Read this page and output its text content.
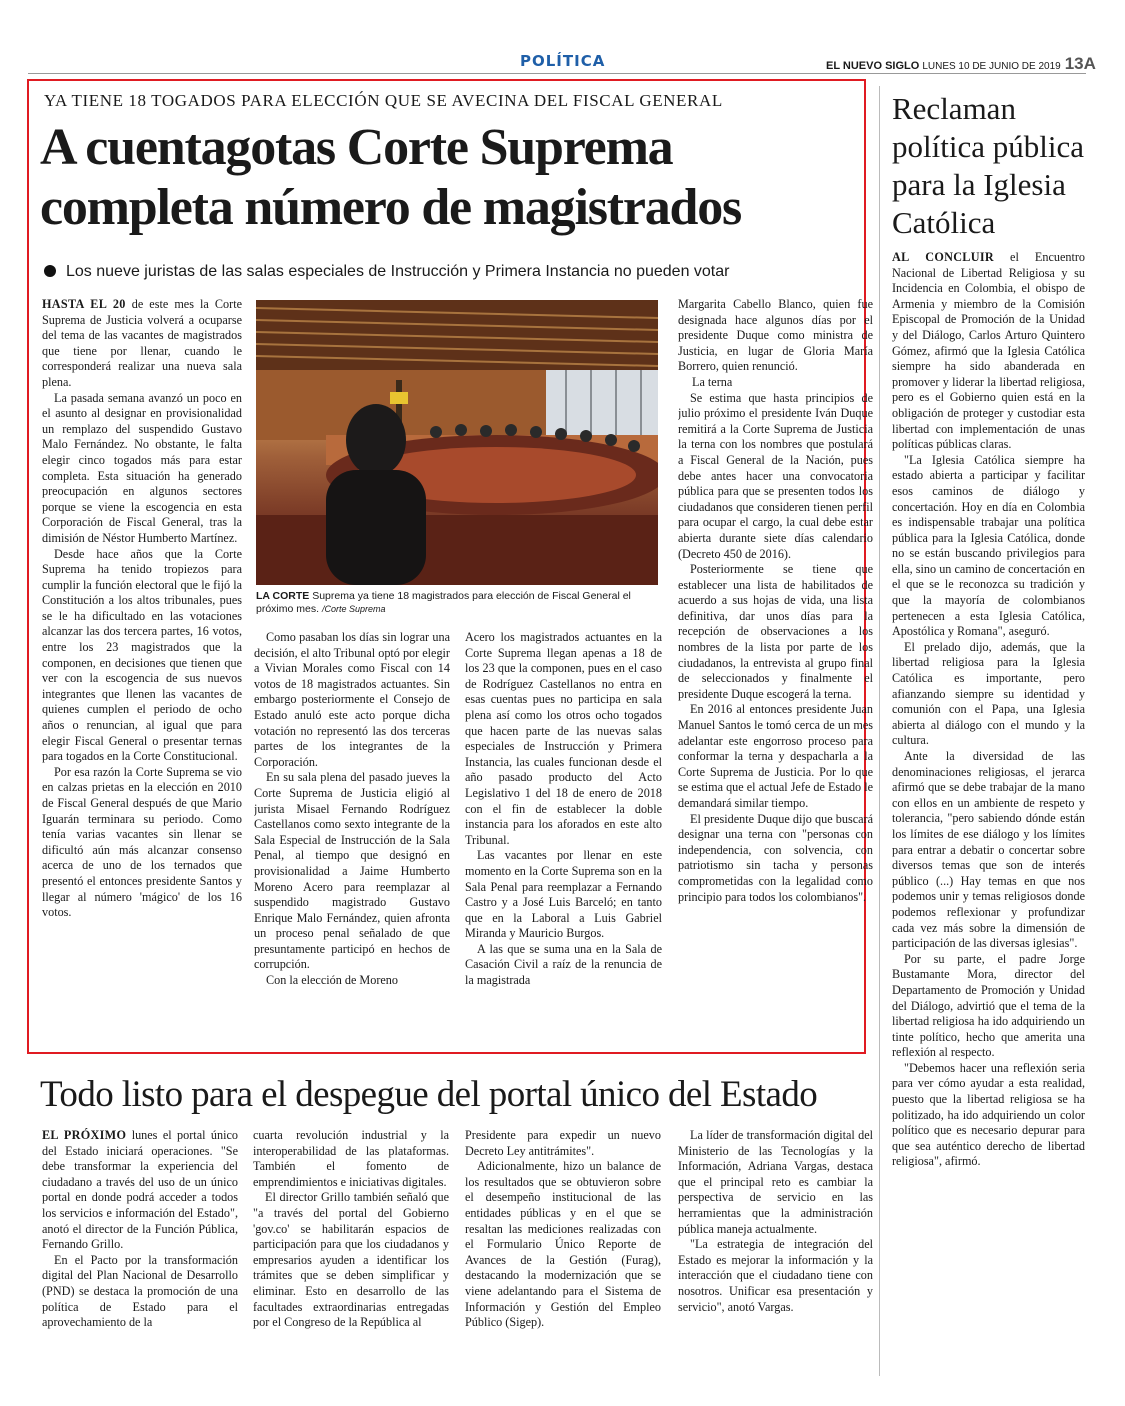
POLÍTICA	EL NUEVO SIGLO LUNES 10 DE JUNIO DE 2019 13A
YA TIENE 18 TOGADOS PARA ELECCIÓN QUE SE AVECINA DEL FISCAL GENERAL
A cuentagotas Corte Suprema
completa número de magistrados
Los nueve juristas de las salas especiales de Instrucción y Primera Instancia no pueden votar

HASTA EL 20 de este mes la Corte Suprema de Justicia volverá a ocuparse del tema de las vacantes de magistrados que tiene por llenar, cuando le corresponderá realizar una nueva sala plena.

La pasada semana avanzó un poco en el asunto al designar en provisionalidad un remplazo del suspendido Gustavo Malo Fernández. No obstante, le falta elegir cinco togados más para estar completa. Esta situación ha generado preocupación en algunos sectores porque se viene la escogencia en esta Corporación de Fiscal General, tras la dimisión de Néstor Humberto Martínez.

Desde hace años que la Corte Suprema ha tenido tropiezos para cumplir la función electoral que le fijó la Constitución a los altos tribunales, pues se le ha dificultado en las votaciones alcanzar las dos tercera partes, 16 votos, entre los 23 magistrados que la componen, en decisiones que tienen que ver con la escogencia de sus nuevos integrantes que llenen las vacantes de quienes cumplen el periodo de ocho años o renuncian, al igual que para elegir Fiscal General o presentar ternas para togados en la Corte Constitucional.

Por esa razón la Corte Suprema se vio en calzas prietas en la elección en 2010 de Fiscal General después de que Mario Iguarán terminara su periodo. Como tenía varias vacantes sin llenar se dificultó aún más alcanzar consenso acerca de uno de los ternados que presentó el entonces presidente Santos y llegar al número 'mágico' de los 16 votos.

LA CORTE Suprema ya tiene 18 magistrados para elección de Fiscal General el próximo mes. /Corte Suprema

Como pasaban los días sin lograr una decisión, el alto Tribunal optó por elegir a Vivian Morales como Fiscal con 14 votos de 18 magistrados actuantes. Sin embargo posteriormente el Consejo de Estado anuló este acto porque dicha votación no representó las dos terceras partes de los integrantes de la Corporación.

En su sala plena del pasado jueves la Corte Suprema de Justicia eligió al jurista Misael Fernando Rodríguez Castellanos como sexto integrante de la Sala Especial de Instrucción de la Sala Penal, al tiempo que designó en provisionalidad a Jaime Humberto Moreno Acero para reemplazar al suspendido magistrado Gustavo Enrique Malo Fernández, quien afronta un proceso penal señalado de que presuntamente participó en hechos de corrupción.

Con la elección de Moreno

Acero los magistrados actuantes en la Corte Suprema llegan apenas a 18 de los 23 que la componen, pues en el caso de Rodríguez Castellanos no entra en esas cuentas pues no participa en sala plena así como los otros ocho togados que hacen parte de las nuevas salas especiales de Instrucción y Primera Instancia, las cuales funcionan desde el año pasado producto del Acto Legislativo 1 del 18 de enero de 2018 con el fin de establecer la doble instancia para los aforados en este alto Tribunal.

Las vacantes por llenar en este momento en la Corte Suprema son en la Sala Penal para reemplazar a Fernando Castro y a José Luis Barceló; en tanto que en la Laboral a Luis Gabriel Miranda y Mauricio Burgos.

A las que se suma una en la Sala de Casación Civil a raíz de la renuncia de la magistrada

Margarita Cabello Blanco, quien fue designada hace algunos días por el presidente Duque como ministra de Justicia, en lugar de Gloria María Borrero, quien renunció.

La terna

Se estima que hasta principios de julio próximo el presidente Iván Duque remitirá a la Corte Suprema de Justicia la terna con los nombres que postulará a Fiscal General de la Nación, pues debe antes hacer una convocatoria pública para que se presenten todos los ciudadanos que consideren tienen perfil para ocupar el cargo, la cual debe estar abierta durante siete días calendario (Decreto 450 de 2016).

Posteriormente se tiene que establecer una lista de habilitados de acuerdo a sus hojas de vida, una lista definitiva, dar unos días para la recepción de observaciones a los nombres de la lista por parte de los ciudadanos, la entrevista al grupo final de seleccionados y finalmente el presidente Duque escogerá la terna.

En 2016 al entonces presidente Juan Manuel Santos le tomó cerca de un mes adelantar este engorroso proceso para conformar la terna y despacharla a la Corte Suprema de Justicia. Por lo que se estima que el actual Jefe de Estado le demandará similar tiempo.

El presidente Duque dijo que buscará designar una terna con "personas con independencia, con solvencia, con patriotismo sin tacha y personas comprometidas con la legalidad como principio para todos los colombianos".

Reclaman política pública para la Iglesia Católica

AL CONCLUIR el Encuentro Nacional de Libertad Religiosa y su Incidencia en Colombia, el obispo de Armenia y miembro de la Comisión Episcopal de Promoción de la Unidad y del Diálogo, Carlos Arturo Quintero Gómez, afirmó que la Iglesia Católica siempre ha sido abanderada en promover y liderar la libertad religiosa, pero es el Gobierno quien está en la obligación de proteger y custodiar esta libertad con implementación de unas políticas públicas claras.

"La Iglesia Católica siempre ha estado abierta a participar y facilitar esos caminos de diálogo y concertación. Hoy en día en Colombia es indispensable trabajar una política pública para la Iglesia Católica, donde no se están buscando privilegios para ella, sino un camino de concertación en el que se le reconozca su tradición y que la mayoría de colombianos pertenecen a esta Iglesia Católica, Apostólica y Romana", aseguró.

El prelado dijo, además, que la libertad religiosa para la Iglesia Católica es importante, pero afianzando siempre su identidad y comunión con el Papa, una Iglesia abierta al diálogo con el mundo y la cultura.

Ante la diversidad de las denominaciones religiosas, el jerarca afirmó que se debe trabajar de la mano con ellos en un ambiente de respeto y tolerancia, "pero sabiendo dónde están los límites de ese diálogo y los límites para entrar a debatir o concertar sobre diversos temas que son de interés público (...) Hay temas en que nos podemos unir y temas religiosos donde podemos reflexionar y profundizar cada vez más sobre la dimensión de participación de las diversas iglesias".

Por su parte, el padre Jorge Bustamante Mora, director del Departamento de Promoción y Unidad del Diálogo, advirtió que el tema de la libertad religiosa ha ido adquiriendo un tinte político, hecho que amerita una reflexión al respecto.

"Debemos hacer una reflexión seria para ver cómo ayudar a esta realidad, puesto que la libertad religiosa se ha politizado, ha ido adquiriendo un color político que es necesario depurar para que sea auténtico derecho de libertad religiosa", afirmó.

Todo listo para el despegue del portal único del Estado

EL PRÓXIMO lunes el portal único del Estado iniciará operaciones. "Se debe transformar la experiencia del ciudadano a través del uso de un único portal en donde podrá acceder a todos los servicios e información del Estado", anotó el director de la Función Pública, Fernando Grillo.

En el Pacto por la transformación digital del Plan Nacional de Desarrollo (PND) se destaca la promoción de una política de Estado para el aprovechamiento de la

cuarta revolución industrial y la interoperabilidad de las plataformas. También el fomento de emprendimientos e iniciativas digitales.

El director Grillo también señaló que "a través del portal del Gobierno 'gov.co' se habilitarán espacios de participación para que los ciudadanos y empresarios ayuden a identificar los trámites que se deben simplificar y eliminar. Esto en desarrollo de las facultades extraordinarias entregadas por el Congreso de la República al

Presidente para expedir un nuevo Decreto Ley antitrámites".

Adicionalmente, hizo un balance de los resultados que se obtuvieron sobre el desempeño institucional de las entidades públicas y en el que se resaltan las mediciones realizadas con el Formulario Único Reporte de Avances de la Gestión (Furag), destacando la modernización que se viene adelantando para el Sistema de Información y Gestión del Empleo Público (Sigep).

La líder de transformación digital del Ministerio de las Tecnologías y la Información, Adriana Vargas, destaca que el principal reto es cambiar la perspectiva de servicio en las herramientas que la administración pública maneja actualmente.

"La estrategia de integración del Estado es mejorar la información y la interacción que el ciudadano tiene con nosotros. Unificar esa presentación y servicio", anotó Vargas.
